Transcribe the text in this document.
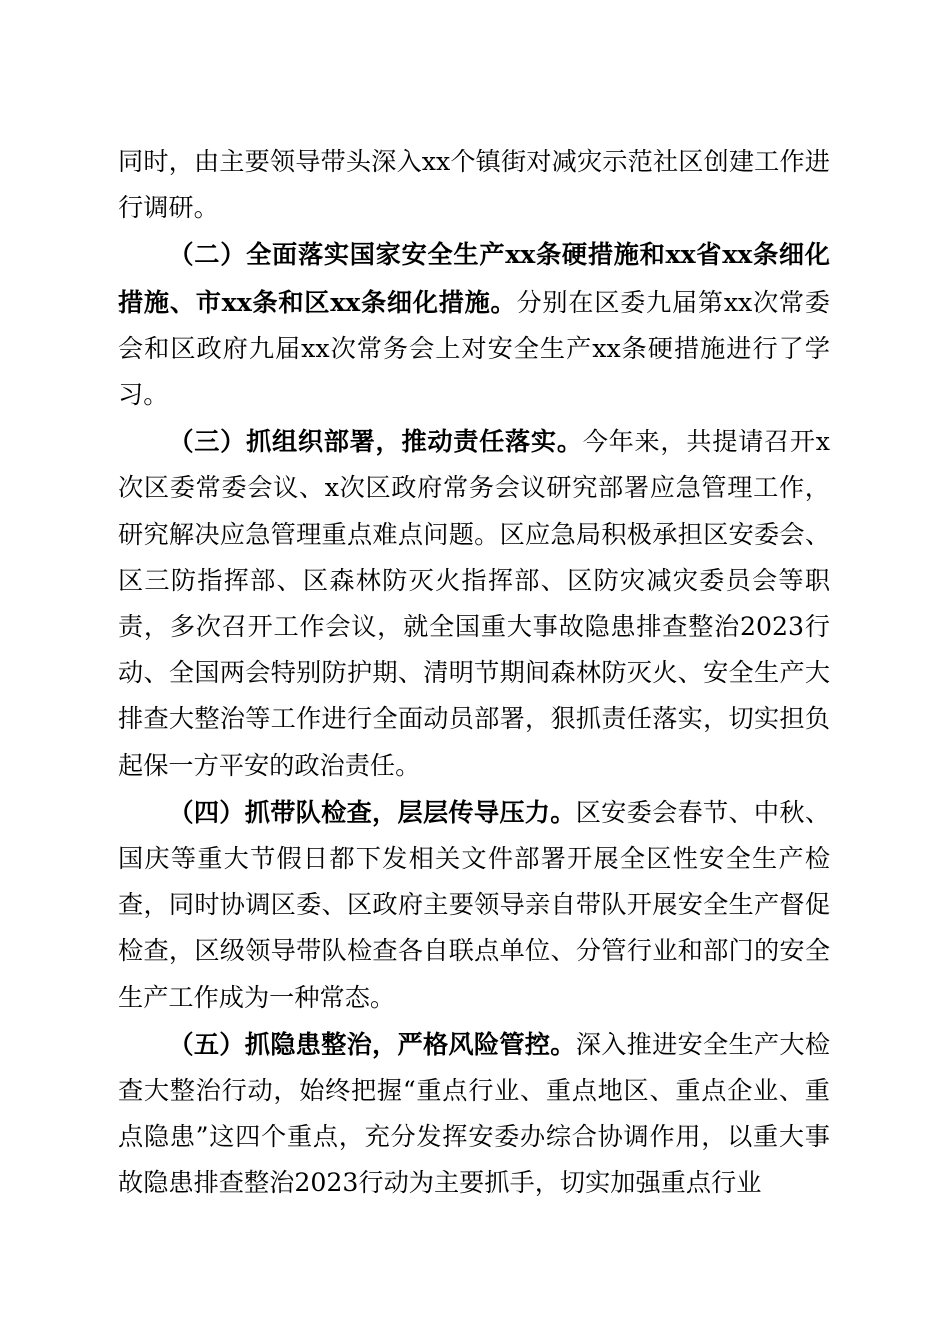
同时，由主要领导带头深入xx个镇街对减灾示范社区创建工作进行调研。

（二）全面落实国家安全生产xx条硬措施和xx省xx条细化措施、市xx条和区xx条细化措施。分别在区委九届第xx次常委会和区政府九届xx次常务会上对安全生产xx条硬措施进行了学习。

（三）抓组织部署，推动责任落实。今年来，共提请召开x次区委常委会议、x次区政府常务会议研究部署应急管理工作，研究解决应急管理重点难点问题。区应急局积极承担区安委会、区三防指挥部、区森林防灭火指挥部、区防灾减灾委员会等职责，多次召开工作会议，就全国重大事故隐患排查整治2023行动、全国两会特别防护期、清明节期间森林防灭火、安全生产大排查大整治等工作进行全面动员部署，狠抓责任落实，切实担负起保一方平安的政治责任。

（四）抓带队检查，层层传导压力。区安委会春节、中秋、国庆等重大节假日都下发相关文件部署开展全区性安全生产检查，同时协调区委、区政府主要领导亲自带队开展安全生产督促检查，区级领导带队检查各自联点单位、分管行业和部门的安全生产工作成为一种常态。

（五）抓隐患整治，严格风险管控。深入推进安全生产大检查大整治行动，始终把握“重点行业、重点地区、重点企业、重点隐患”这四个重点，充分发挥安委办综合协调作用，以重大事故隐患排查整治2023行动为主要抓手，切实加强重点行业
